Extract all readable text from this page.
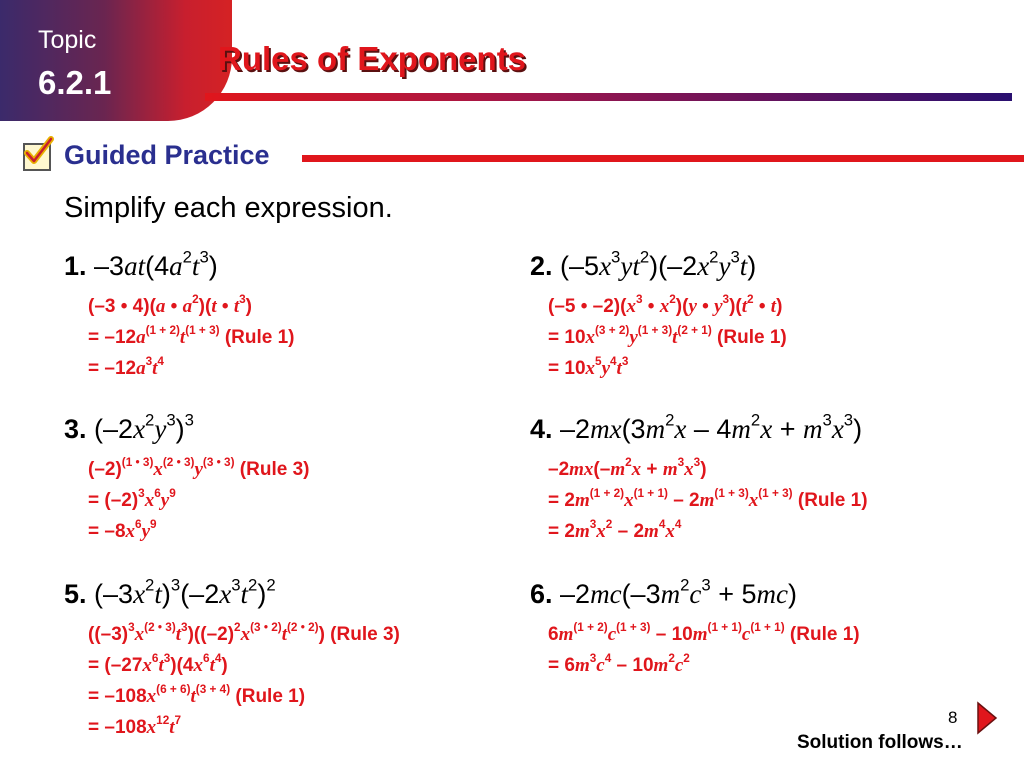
Topic
6.2.1
Rules of Exponents
Guided Practice
Simplify each expression.
1. $-3at(4a^2t^3)$
(–3 • 4)(a • $a^2)(t$ • $t^3$)
= $-12a^{(1 + 2)}t^{(1 + 3)}$ (Rule 1)
= $-12a^3t^4$
2. $(-5x^3yt^2)(-2x^2y^3t)$
(–5 • $-2)(x^3$ • $x^2)(y$ • $y^3)(t^2$ • t)
= $10x^{(3 + 2)}y^{(1 + 3)}t^{(2 + 1)}$ (Rule 1)
= $10x^5y^4t^3$
3. $(-2x^2y^3)^3$
$(-2)^{(1 • 3)}x^{(2 • 3)}y^{(3 • 3)}$ (Rule 3)
= $(-2)^3x^6y^9$
= $-8x^6y^9$
4. $-2mx(3m^2x - 4m^2x + m^3x^3)$
$-2mx(-m^2x + m^3x^3)$
= $2m^{(1 + 2)}x^{(1 + 1)} - 2m^{(1 + 3)}x^{(1 + 3)}$ (Rule 1)
= $2m^3x^2 - 2m^4x^4$
5. $(-3x^2t)^3(-2x^3t^2)^2$
$((-3)^3x^{(2 • 3)}t^3)((-2)^2x^{(3 • 2)}t^{(2 • 2)})$ (Rule 3)
= $(-27x^6t^3)(4x^6t^4)$
= $-108x^{(6 + 6)}t^{(3 + 4)}$ (Rule 1)
= $-108x^{12}t^7$
6. $-2mc(-3m^2c^3 + 5mc)$
$6m^{(1 + 2)}c^{(1 + 3)} - 10m^{(1 + 1)}c^{(1 + 1)}$ (Rule 1)
= $6m^3c^4 - 10m^2c^2$
8
Solution follows…
